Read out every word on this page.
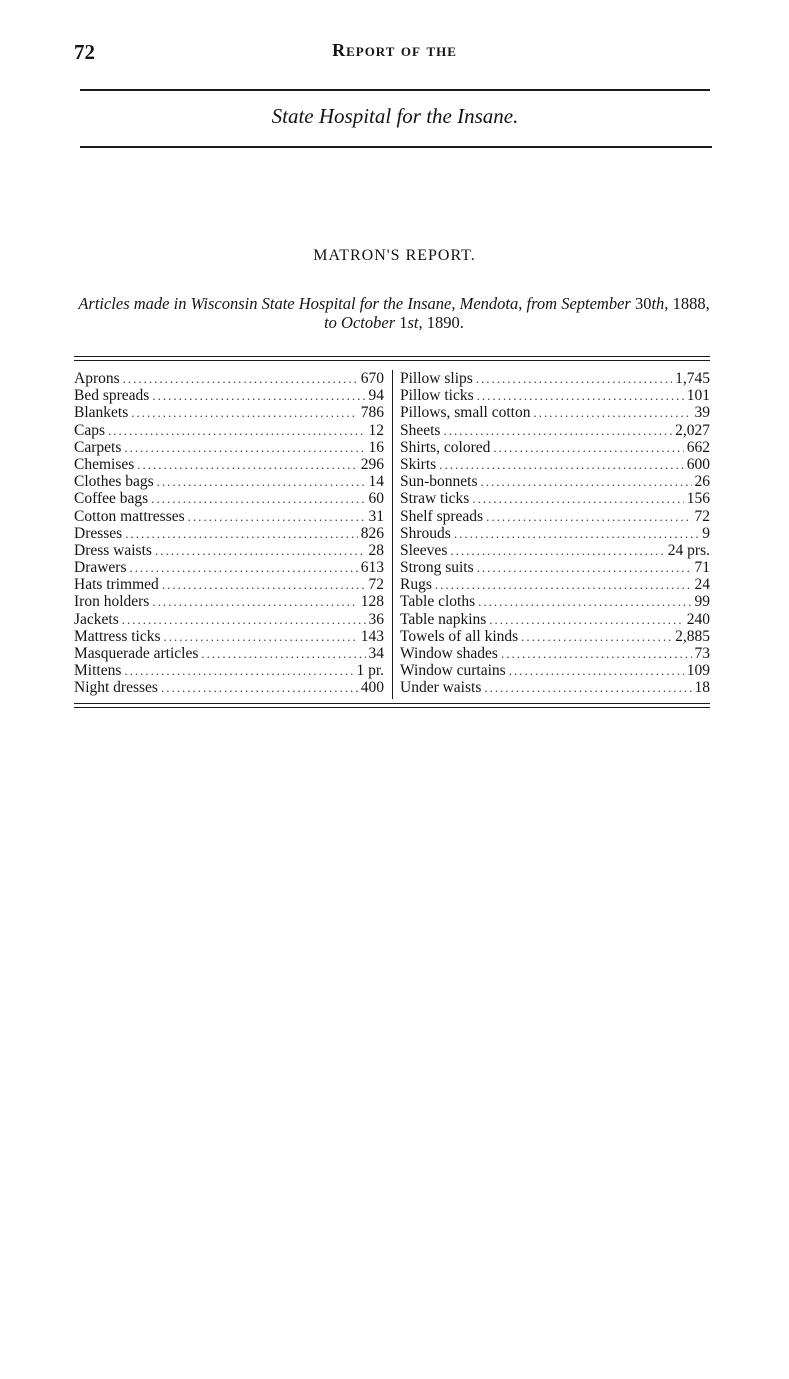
72	Report of the
State Hospital for the Insane.
MATRON'S REPORT.
Articles made in Wisconsin State Hospital for the Insane, Mendota, from September 30th, 1888, to October 1st, 1890.
Aprons .....	670
Bed spreads .....	94
Blankets .....	786
Caps .....	12
Carpets .....	16
Chemises .....	296
Clothes bags .....	14
Coffee bags .....	60
Cotton mattresses .....	31
Dresses .....	826
Dress waists .....	28
Drawers .....	613
Hats trimmed .....	72
Iron holders .....	128
Jackets .....	36
Mattress ticks .....	143
Masquerade articles .....	34
Mittens .....	1 pr.
Night dresses .....	400
Pillow slips .....	1,745
Pillow ticks .....	101
Pillows, small cotton .....	39
Sheets .....	2,027
Shirts, colored .....	662
Skirts .....	600
Sun-bonnets .....	26
Straw ticks .....	156
Shelf spreads .....	72
Shrouds .....	9
Sleeves .....	24 prs.
Strong suits .....	71
Rugs .....	24
Table cloths .....	99
Table napkins .....	240
Towels of all kinds .....	2,885
Window shades .....	73
Window curtains .....	109
Under waists .....	18
